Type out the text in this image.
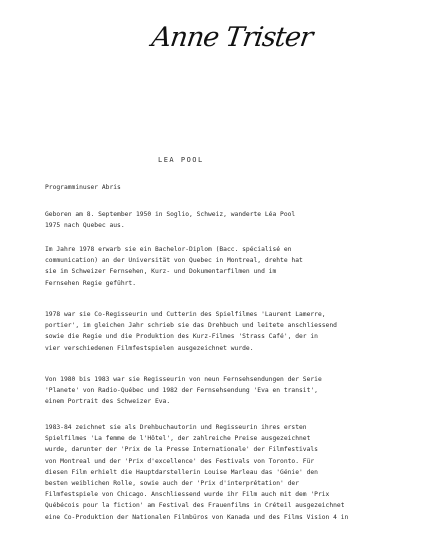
Anne Trister
LEA POOL
Programminuser Abris
Geboren am 8. September 1950 in Soglio, Schweiz, wanderte Léa Pool
1975 nach Quebec aus.
Im Jahre 1978 erwarb sie ein Bachelor-Diplom (Bacc. spécialisé en
communication) an der Universität von Quebec in Montreal, drehte hat
sie im Schweizer Fernsehen, Kurz- und Dokumentarfilmen und im
Fernsehen Regie geführt.
1978 war sie Co-Regisseurin und Cutterin des Spielfilmes 'Laurent Lamerre,
portier', im gleichen Jahr schrieb sie das Drehbuch und leitete anschliessend
sowie die Regie und die Produktion des Kurz-Filmes 'Strass Café', der in
vier verschiedenen Filmfestspielen ausgezeichnet wurde.
Von 1980 bis 1983 war sie Regisseurin von neun Fernsehsendungen der Serie
'Planete' von Radio-Québec und 1982 der Fernsehsendung 'Eva en transit',
einem Portrait des Schweizer Eva.
1983-84 zeichnet sie als Drehbuchautorin und Regisseurin ihres ersten
Spielfilmes 'La femme de l'Hôtel', der zahlreiche Preise ausgezeichnet
wurde, darunter der 'Prix de la Presse Internationale' der Filmfestivals
von Montreal und der 'Prix d'excellence' des Festivals von Toronto. Für
diesen Film erhielt die Hauptdarstellerin Louise Marleau das 'Génie' den
besten weiblichen Rolle, sowie auch der 'Prix d'interprétation' der
Filmfestspiele von Chicago. Anschliessend wurde ihr Film auch mit dem 'Prix
Québécois pour la fiction' am Festival des Frauenfilms in Créteil ausgezeichnet
eine Co-Produktion der Nationalen Filmbüros von Kanada und des Films Vision 4 in
